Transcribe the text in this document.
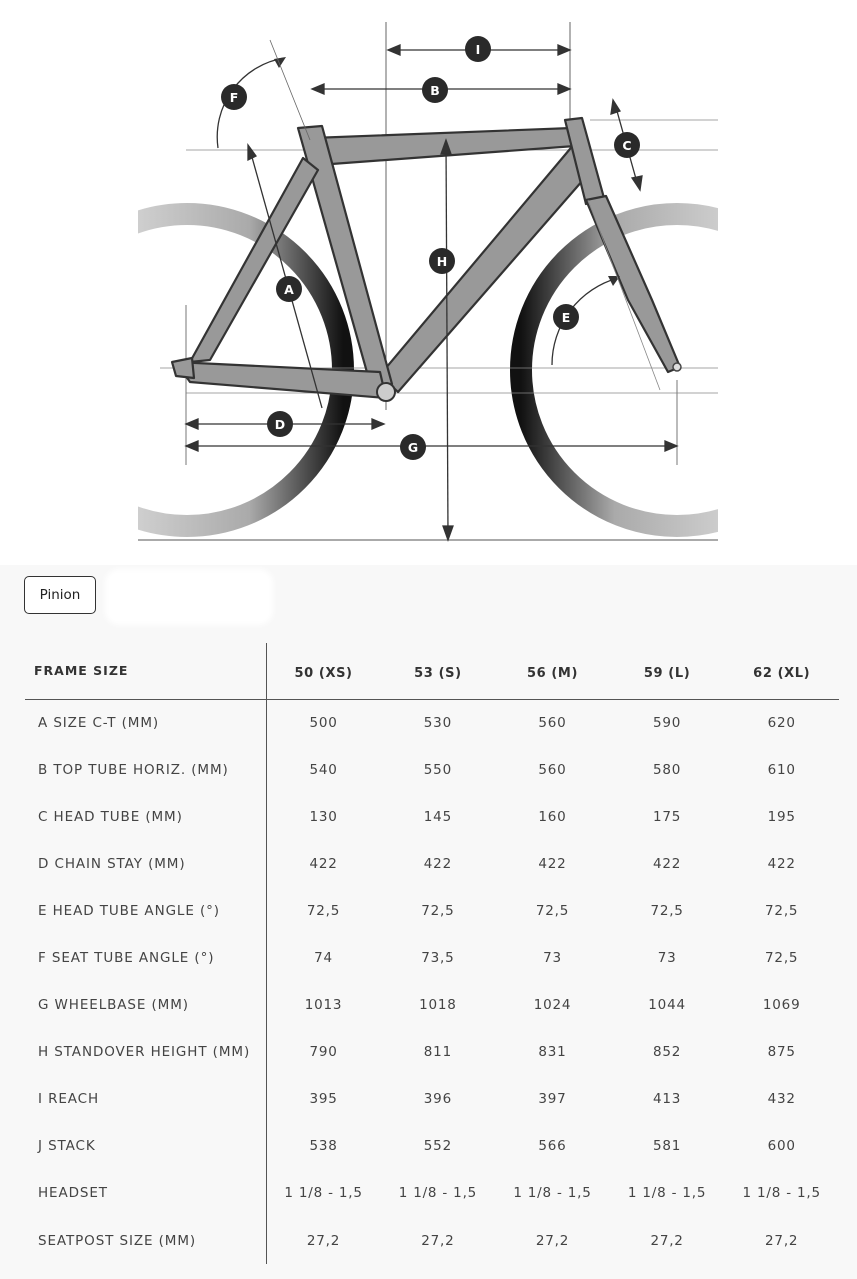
I
B
C
F
H
A
E
D
G
Pinion
FRAME SIZE	50 (XS)	53 (S)	56 (M)	59 (L)	62 (XL)
A SIZE C-T (MM)	500	530	560	590	620
B TOP TUBE HORIZ. (MM)	540	550	560	580	610
C HEAD TUBE (MM)	130	145	160	175	195
D CHAIN STAY (MM)	422	422	422	422	422
E HEAD TUBE ANGLE (°)	72,5	72,5	72,5	72,5	72,5
F SEAT TUBE ANGLE (°)	74	73,5	73	73	72,5
G WHEELBASE (MM)	1013	1018	1024	1044	1069
H STANDOVER HEIGHT (MM)	790	811	831	852	875
I REACH	395	396	397	413	432
J STACK	538	552	566	581	600
HEADSET	1 1/8 - 1,5	1 1/8 - 1,5	1 1/8 - 1,5	1 1/8 - 1,5	1 1/8 - 1,5
SEATPOST SIZE (MM)	27,2	27,2	27,2	27,2	27,2
